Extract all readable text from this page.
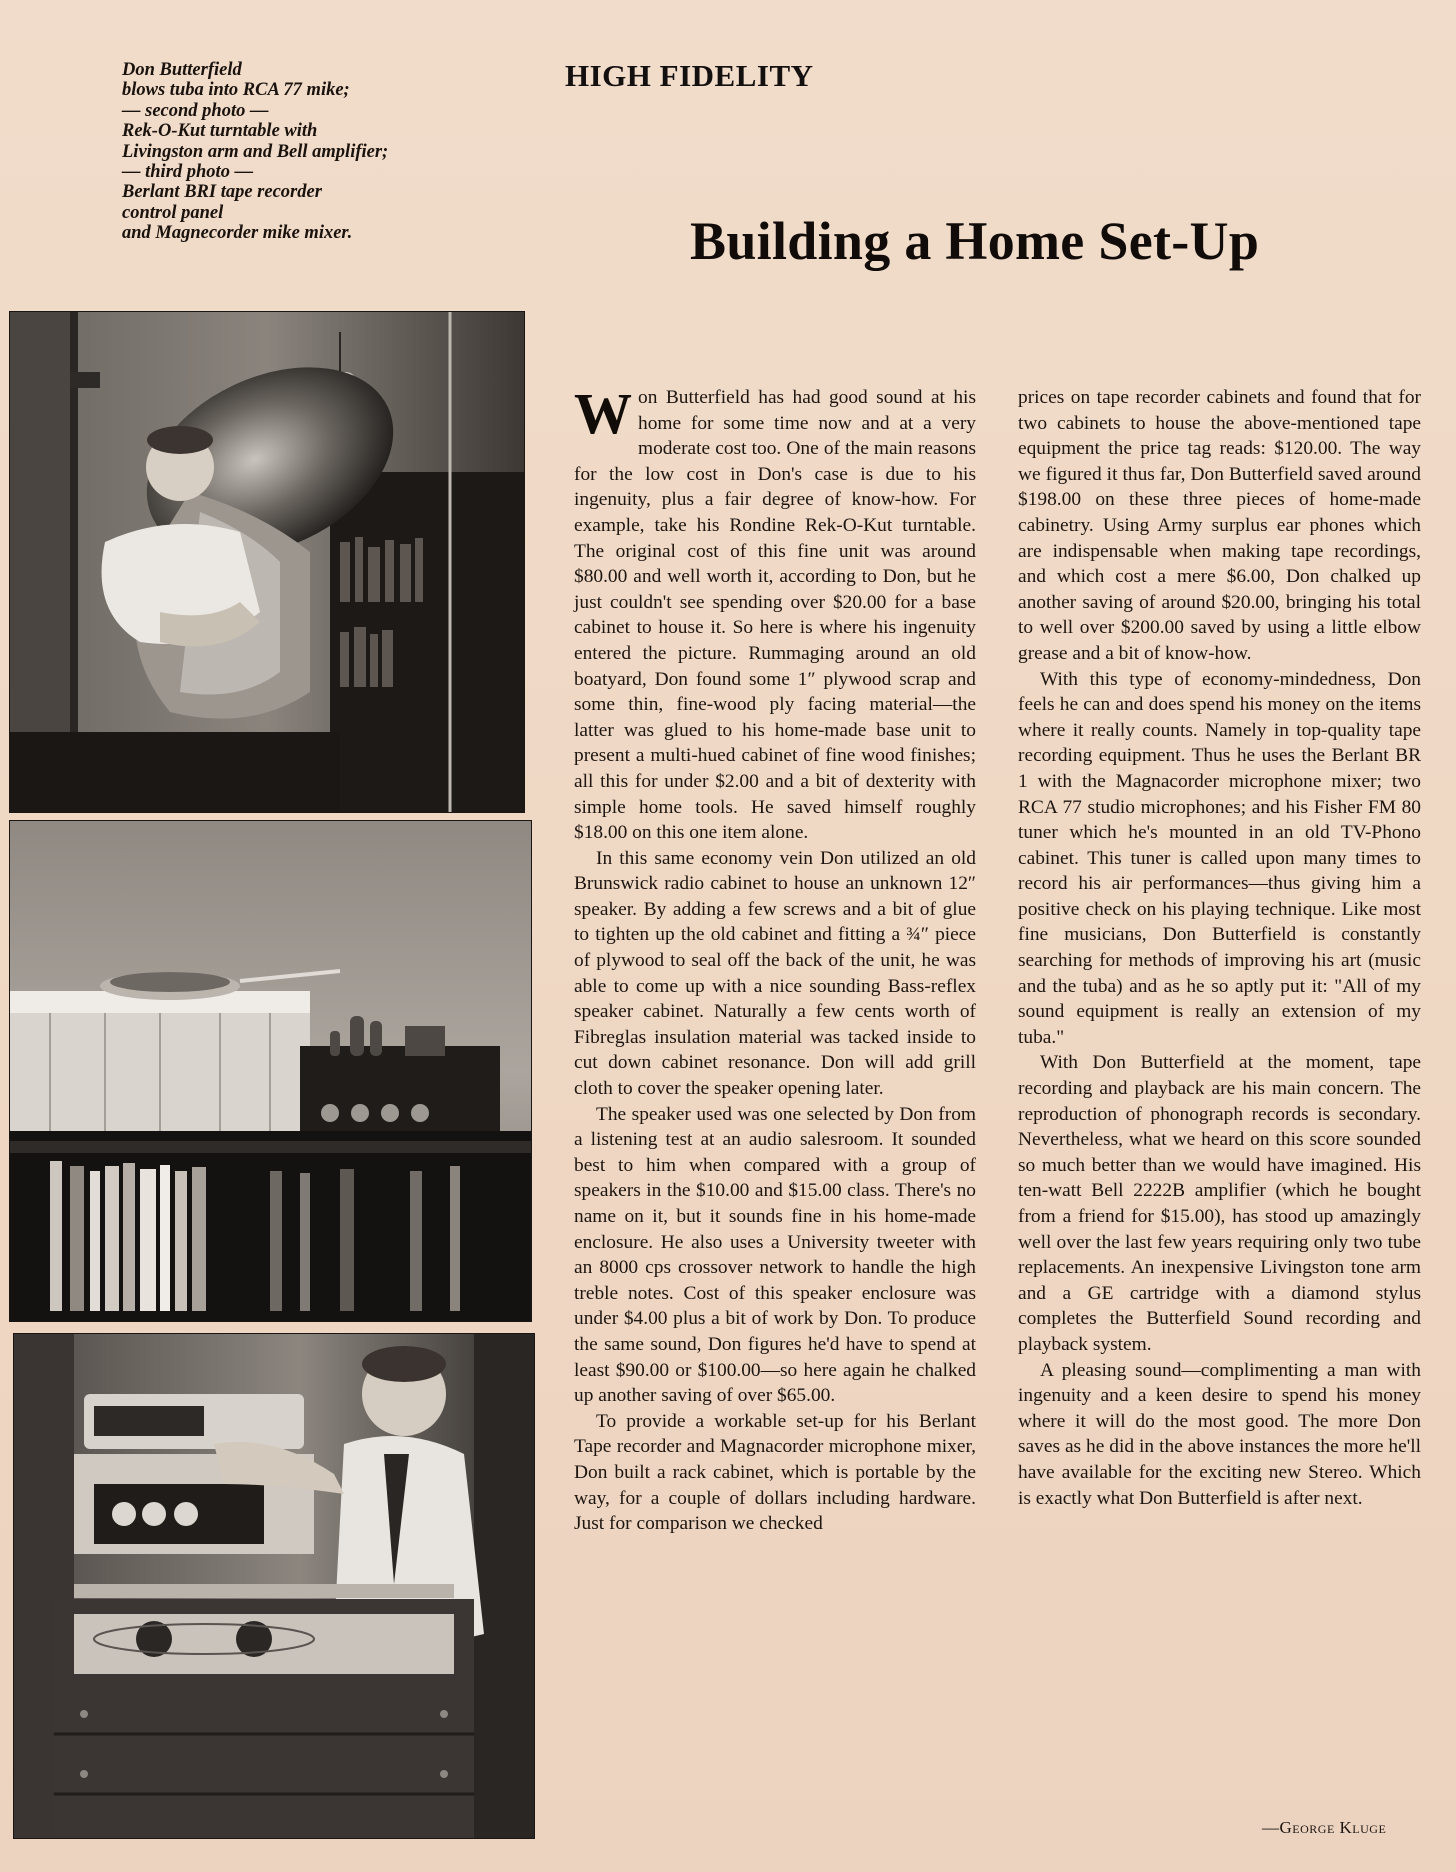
Don Butterfield
blows tuba into RCA 77 mike;
— second photo —
Rek-O-Kut turntable with
Livingston arm and Bell amplifier;
— third photo —
Berlant BRI tape recorder
control panel
and Magnecorder mike mixer.
HIGH FIDELITY
Building a Home Set-Up

Won Butterfield has had good sound at his home for some time now and at a very moderate cost too. One of the main reasons for the low cost in Don's case is due to his ingenuity, plus a fair degree of know-how. For example, take his Rondine Rek-O-Kut turntable. The original cost of this fine unit was around $80.00 and well worth it, according to Don, but he just couldn't see spending over $20.00 for a base cabinet to house it. So here is where his ingenuity entered the picture. Rummaging around an old boatyard, Don found some 1″ plywood scrap and some thin, fine-wood ply facing material—the latter was glued to his home-made base unit to present a multi-hued cabinet of fine wood finishes; all this for under $2.00 and a bit of dexterity with simple home tools. He saved himself roughly $18.00 on this one item alone.

In this same economy vein Don utilized an old Brunswick radio cabinet to house an unknown 12″ speaker. By adding a few screws and a bit of glue to tighten up the old cabinet and fitting a ¾″ piece of plywood to seal off the back of the unit, he was able to come up with a nice sounding Bass-reflex speaker cabinet. Naturally a few cents worth of Fibreglas insulation material was tacked inside to cut down cabinet resonance. Don will add grill cloth to cover the speaker opening later.

The speaker used was one selected by Don from a listening test at an audio salesroom. It sounded best to him when compared with a group of speakers in the $10.00 and $15.00 class. There's no name on it, but it sounds fine in his home-made enclosure. He also uses a University tweeter with an 8000 cps crossover network to handle the high treble notes. Cost of this speaker enclosure was under $4.00 plus a bit of work by Don. To produce the same sound, Don figures he'd have to spend at least $90.00 or $100.00—so here again he chalked up another saving of over $65.00.

To provide a workable set-up for his Berlant Tape recorder and Magnacorder microphone mixer, Don built a rack cabinet, which is portable by the way, for a couple of dollars including hardware. Just for comparison we checked

prices on tape recorder cabinets and found that for two cabinets to house the above-mentioned tape equipment the price tag reads: $120.00. The way we figured it thus far, Don Butterfield saved around $198.00 on these three pieces of home-made cabinetry. Using Army surplus ear phones which are indispensable when making tape recordings, and which cost a mere $6.00, Don chalked up another saving of around $20.00, bringing his total to well over $200.00 saved by using a little elbow grease and a bit of know-how.

With this type of economy-mindedness, Don feels he can and does spend his money on the items where it really counts. Namely in top-quality tape recording equipment. Thus he uses the Berlant BR 1 with the Magnacorder microphone mixer; two RCA 77 studio microphones; and his Fisher FM 80 tuner which he's mounted in an old TV-Phono cabinet. This tuner is called upon many times to record his air performances—thus giving him a positive check on his playing technique. Like most fine musicians, Don Butterfield is constantly searching for methods of improving his art (music and the tuba) and as he so aptly put it: "All of my sound equipment is really an extension of my tuba."

With Don Butterfield at the moment, tape recording and playback are his main concern. The reproduction of phonograph records is secondary. Nevertheless, what we heard on this score sounded so much better than we would have imagined. His ten-watt Bell 2222B amplifier (which he bought from a friend for $15.00), has stood up amazingly well over the last few years requiring only two tube replacements. An inexpensive Livingston tone arm and a GE cartridge with a diamond stylus completes the Butterfield Sound recording and playback system.

A pleasing sound—complimenting a man with ingenuity and a keen desire to spend his money where it will do the most good. The more Don saves as he did in the above instances the more he'll have available for the exciting new Stereo. Which is exactly what Don Butterfield is after next.

—George Kluge
